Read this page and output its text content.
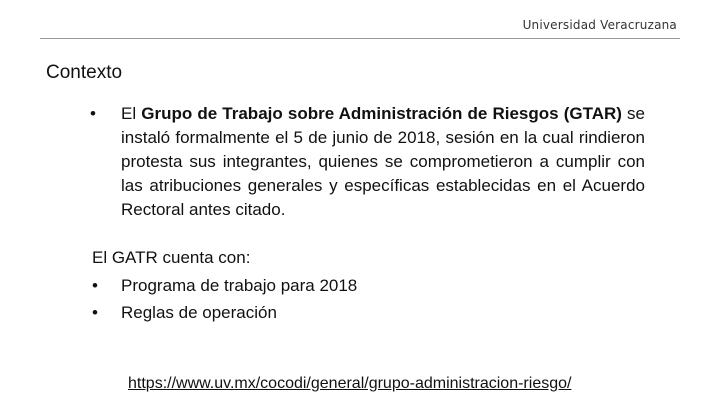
Universidad Veracruzana
Contexto
• El Grupo de Trabajo sobre Administración de Riesgos (GTAR) se instaló formalmente el 5 de junio de 2018, sesión en la cual rindieron protesta sus integrantes, quienes se comprometieron a cumplir con las atribuciones generales y específicas establecidas en el Acuerdo Rectoral antes citado.
El GATR cuenta con:
• Programa de trabajo para 2018
• Reglas de operación
https://www.uv.mx/cocodi/general/grupo-administracion-riesgo/
